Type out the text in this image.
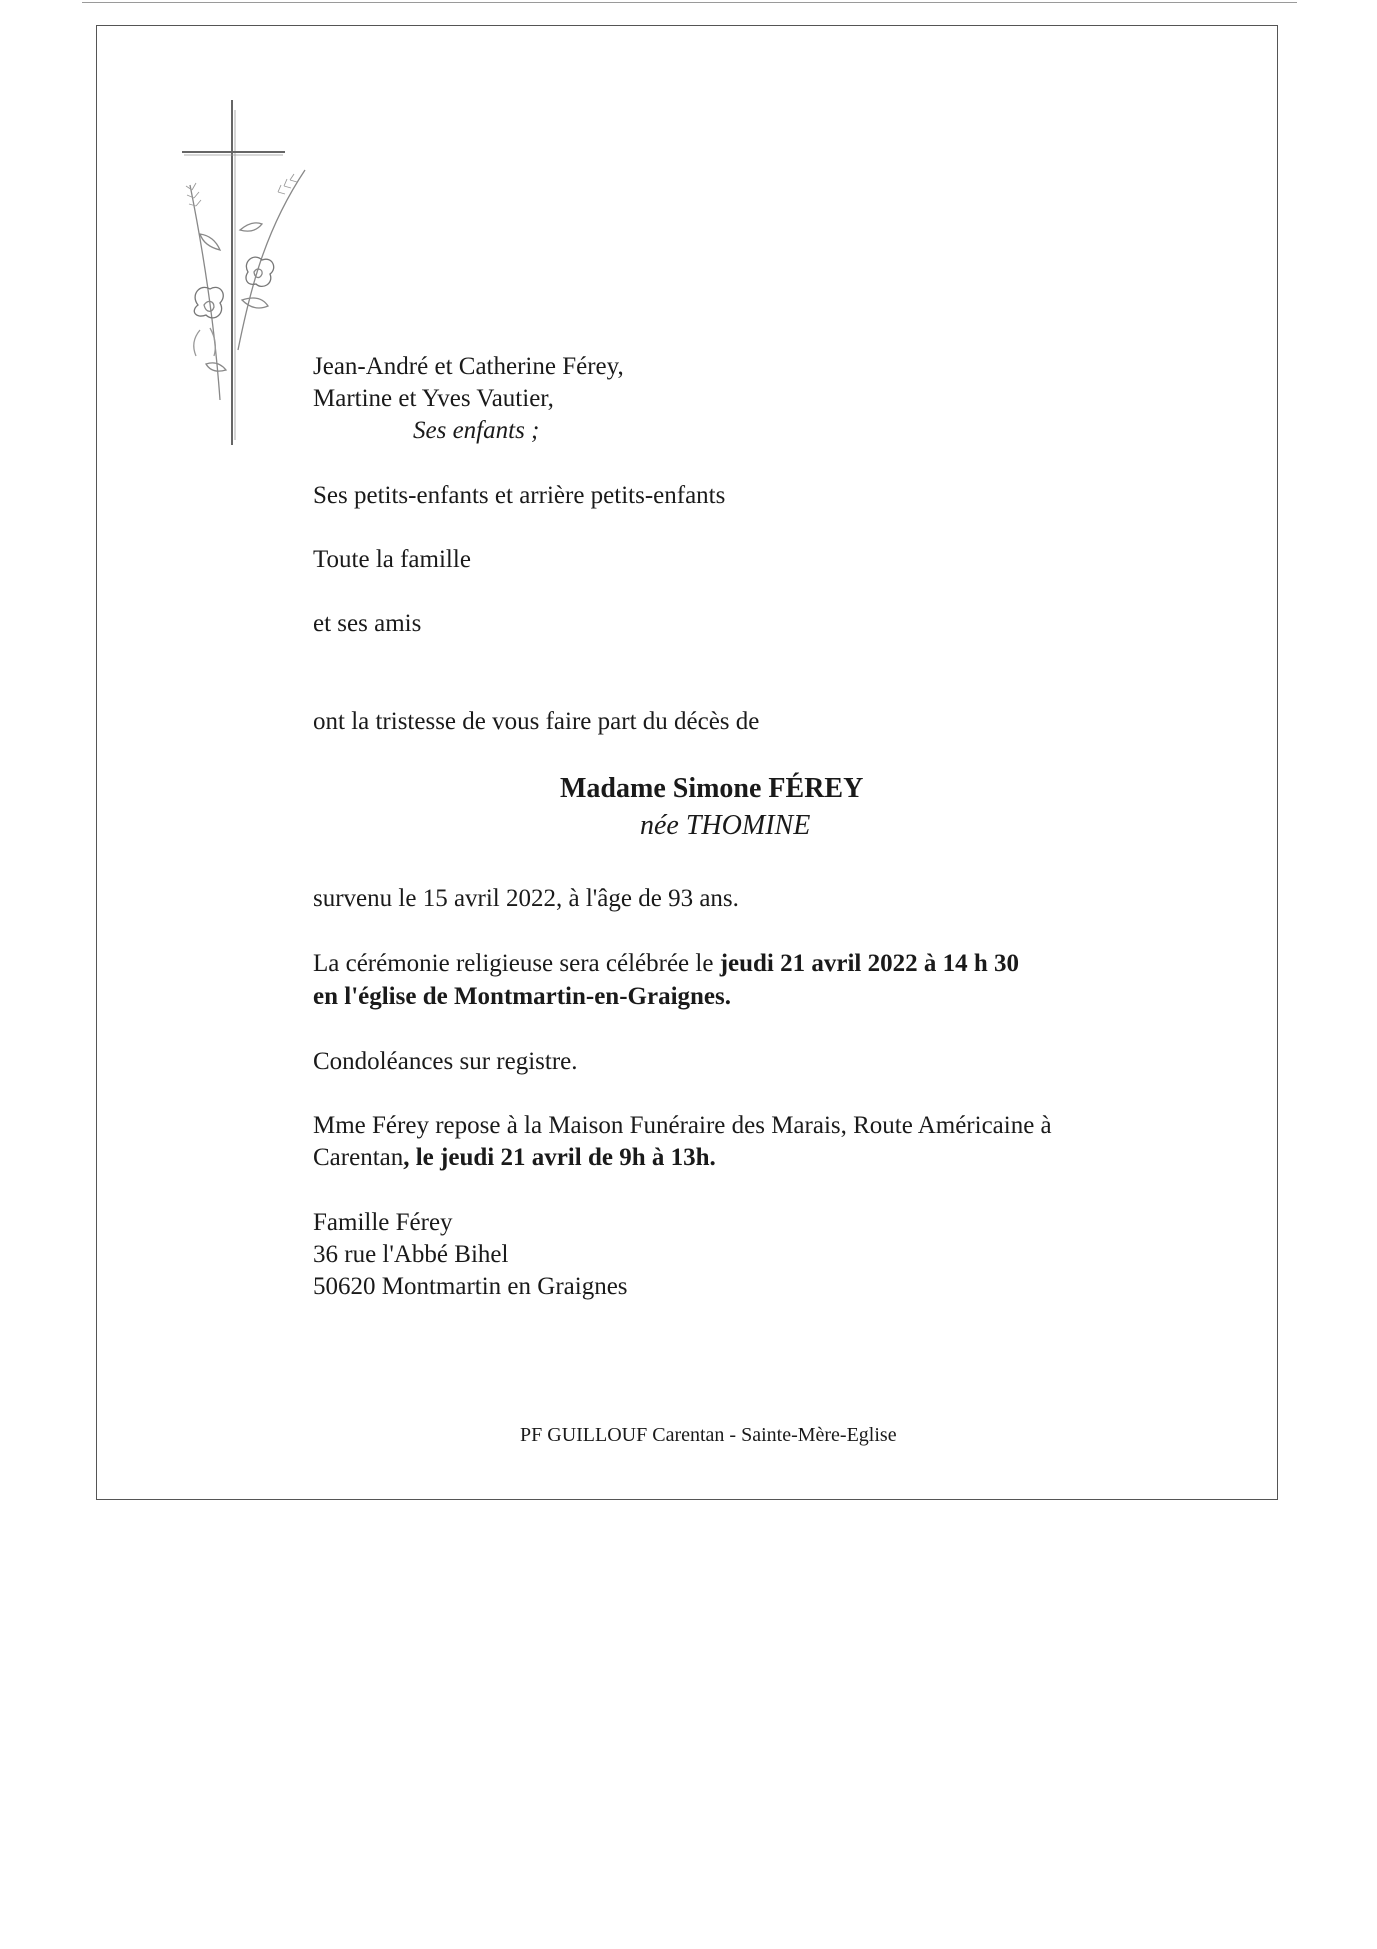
Jean-André et Catherine Férey,
Martine et Yves Vautier,
Ses enfants ;
Ses petits-enfants et arrière petits-enfants
Toute la famille
et ses amis
ont la tristesse de vous faire part du décès de
Madame Simone FÉREY
née THOMINE
survenu le 15 avril 2022, à l'âge de 93 ans.
La cérémonie religieuse sera célébrée le jeudi 21 avril 2022 à 14 h 30
en l'église de Montmartin-en-Graignes.
Condoléances sur registre.
Mme Férey repose à la Maison Funéraire des Marais, Route Américaine à
Carentan, le jeudi 21 avril de 9h à 13h.
Famille Férey
36 rue l'Abbé Bihel
50620 Montmartin en Graignes
PF GUILLOUF Carentan - Sainte-Mère-Eglise
